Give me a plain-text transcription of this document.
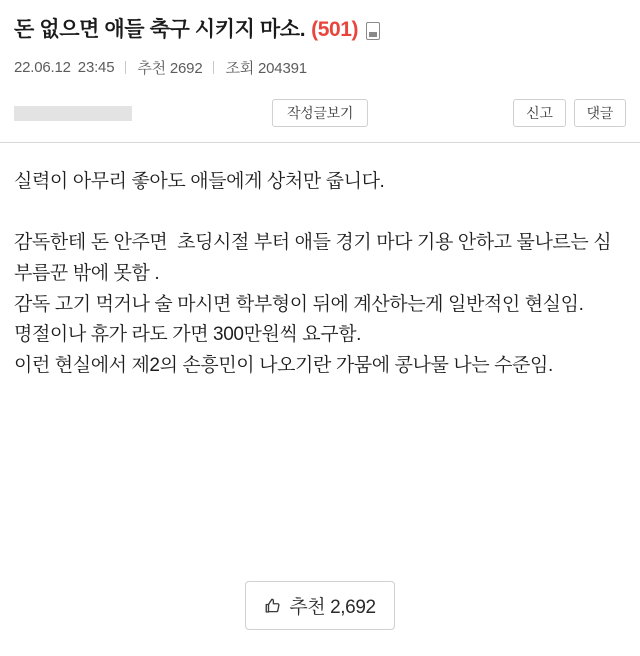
돈 없으면 애들 축구 시키지 마소. (501)
22.06.12 23:45 추천 2692 조회 204391
작성글보기	신고	댓글

실력이 아무리 좋아도 애들에게 상처만 줍니다.

감독한테 돈 안주면  초딩시절 부터 애들 경기 마다 기용 안하고 물나르는 심부름꾼 밖에 못함 .

감독 고기 먹거나 술 마시면 학부형이 뒤에 계산하는게 일반적인 현실임.

명절이나 휴가 라도 가면 300만원씩 요구함.

이런 현실에서 제2의 손흥민이 나오기란 가뭄에 콩나물 나는 수준임.

추천 2,692
